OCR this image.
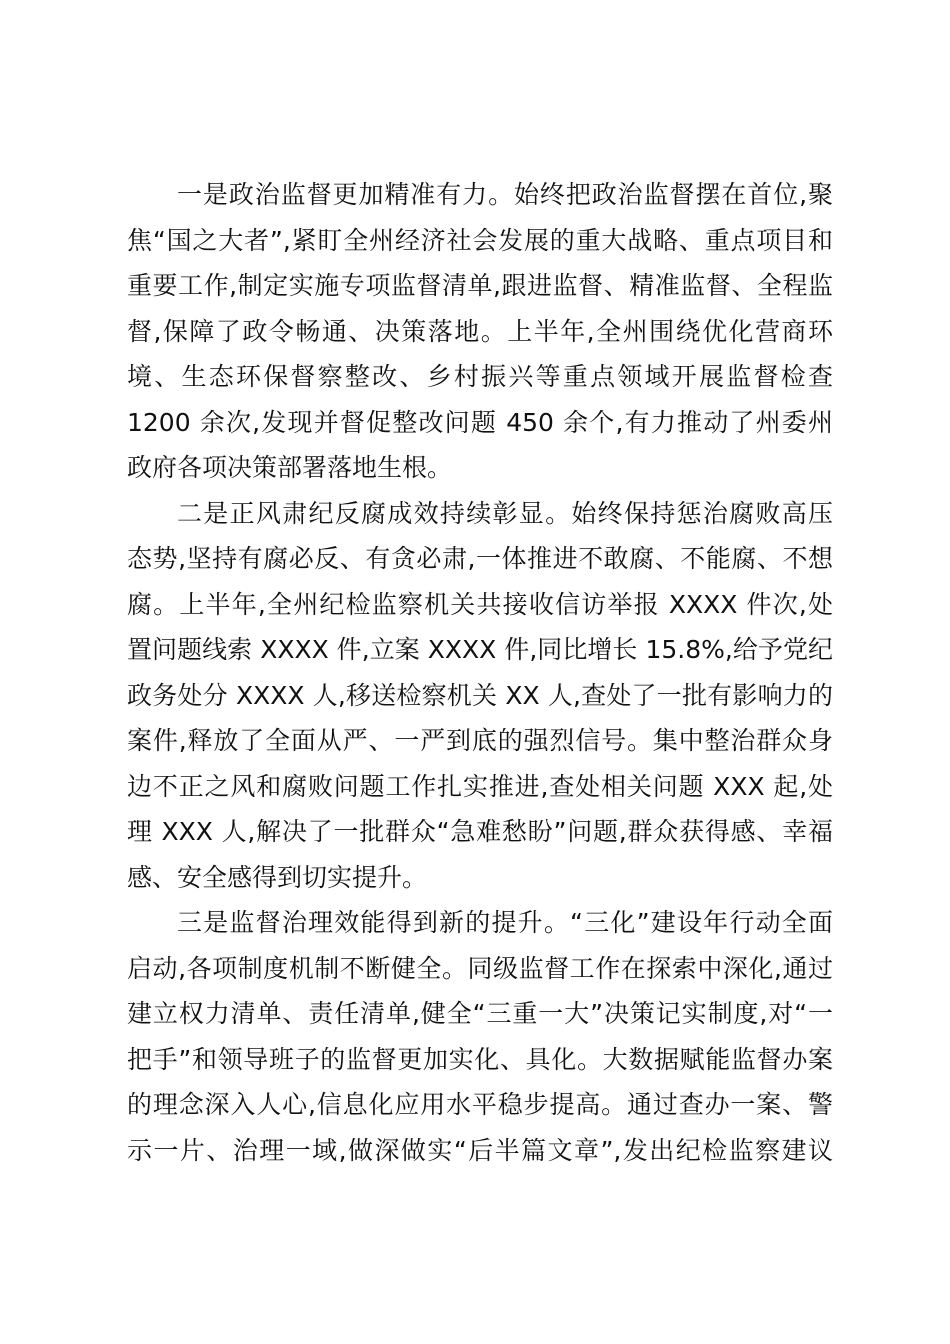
一是政治监督更加精准有力。始终把政治监督摆在首位,聚
焦“国之大者”,紧盯全州经济社会发展的重大战略、重点项目和
重要工作,制定实施专项监督清单,跟进监督、精准监督、全程监
督,保障了政令畅通、决策落地。上半年,全州围绕优化营商环
境、生态环保督察整改、乡村振兴等重点领域开展监督检查
1200 余次,发现并督促整改问题 450 余个,有力推动了州委州
政府各项决策部署落地生根。
二是正风肃纪反腐成效持续彰显。始终保持惩治腐败高压
态势,坚持有腐必反、有贪必肃,一体推进不敢腐、不能腐、不想
腐。上半年,全州纪检监察机关共接收信访举报 XXXX 件次,处
置问题线索 XXXX 件,立案 XXXX 件,同比增长 15.8%,给予党纪
政务处分 XXXX 人,移送检察机关 XX 人,查处了一批有影响力的
案件,释放了全面从严、一严到底的强烈信号。集中整治群众身
边不正之风和腐败问题工作扎实推进,查处相关问题 XXX 起,处
理 XXX 人,解决了一批群众“急难愁盼”问题,群众获得感、幸福
感、安全感得到切实提升。
三是监督治理效能得到新的提升。“三化”建设年行动全面
启动,各项制度机制不断健全。同级监督工作在探索中深化,通过
建立权力清单、责任清单,健全“三重一大”决策记实制度,对“一
把手”和领导班子的监督更加实化、具化。大数据赋能监督办案
的理念深入人心,信息化应用水平稳步提高。通过查办一案、警
示一片、治理一域,做深做实“后半篇文章”,发出纪检监察建议
